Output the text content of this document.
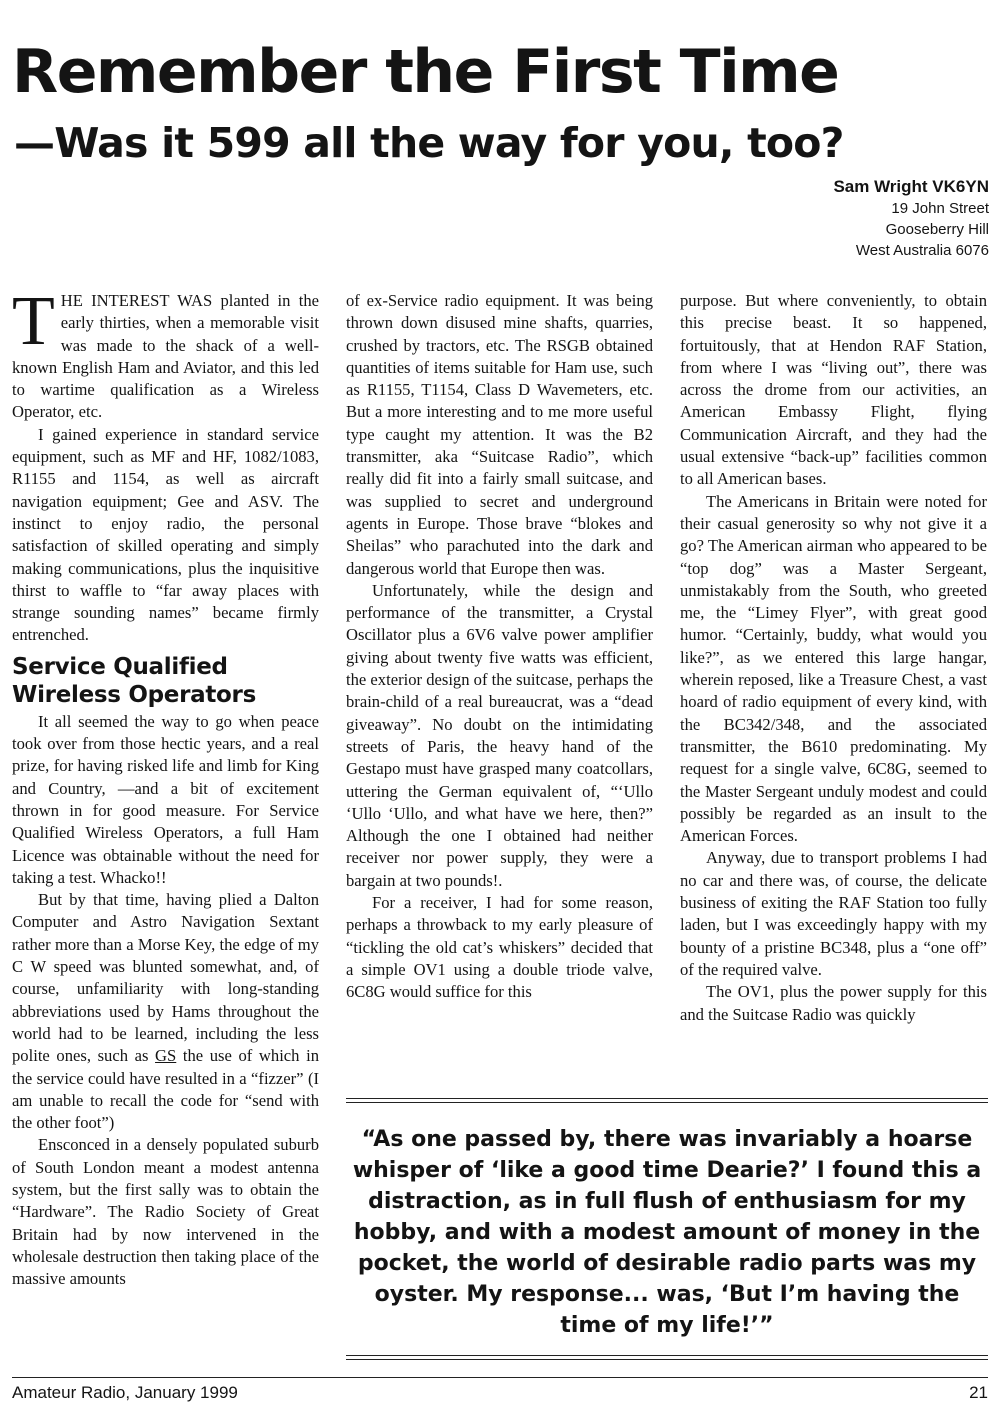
Remember the First Time
—Was it 599 all the way for you, too?
Sam Wright VK6YN
19 John Street
Gooseberry Hill
West Australia 6076

THE INTEREST WAS planted in the early thirties, when a memorable visit was made to the shack of a well-known English Ham and Aviator, and this led to wartime qualification as a Wireless Operator, etc.

I gained experience in standard service equipment, such as MF and HF, 1082/1083, R1155 and 1154, as well as aircraft navigation equipment; Gee and ASV. The instinct to enjoy radio, the personal satisfaction of skilled operating and simply making communications, plus the inquisitive thirst to waffle to “far away places with strange sounding names” became firmly entrenched.

Service Qualified Wireless Operators

It all seemed the way to go when peace took over from those hectic years, and a real prize, for having risked life and limb for King and Country, —and a bit of excitement thrown in for good measure. For Service Qualified Wireless Operators, a full Ham Licence was obtainable without the need for taking a test. Whacko!!

But by that time, having plied a Dalton Computer and Astro Navigation Sextant rather more than a Morse Key, the edge of my C W speed was blunted somewhat, and, of course, unfamiliarity with long-standing abbreviations used by Hams throughout the world had to be learned, including the less polite ones, such as GS the use of which in the service could have resulted in a “fizzer” (I am unable to recall the code for “send with the other foot”)

Ensconced in a densely populated suburb of South London meant a modest antenna system, but the first sally was to obtain the “Hardware”. The Radio Society of Great Britain had by now intervened in the wholesale destruction then taking place of the massive amounts

of ex-Service radio equipment. It was being thrown down disused mine shafts, quarries, crushed by tractors, etc. The RSGB obtained quantities of items suitable for Ham use, such as R1155, T1154, Class D Wavemeters, etc. But a more interesting and to me more useful type caught my attention. It was the B2 transmitter, aka “Suitcase Radio”, which really did fit into a fairly small suitcase, and was supplied to secret and underground agents in Europe. Those brave “blokes and Sheilas” who parachuted into the dark and dangerous world that Europe then was.

Unfortunately, while the design and performance of the transmitter, a Crystal Oscillator plus a 6V6 valve power amplifier giving about twenty five watts was efficient, the exterior design of the suitcase, perhaps the brain-child of a real bureaucrat, was a “dead giveaway”. No doubt on the intimidating streets of Paris, the heavy hand of the Gestapo must have grasped many coatcollars, uttering the German equivalent of, “‘Ullo ‘Ullo ‘Ullo, and what have we here, then?” Although the one I obtained had neither receiver nor power supply, they were a bargain at two pounds!.

For a receiver, I had for some reason, perhaps a throwback to my early pleasure of “tickling the old cat’s whiskers” decided that a simple OV1 using a double triode valve, 6C8G would suffice for this

purpose. But where conveniently, to obtain this precise beast. It so happened, fortuitously, that at Hendon RAF Station, from where I was “living out”, there was across the drome from our activities, an American Embassy Flight, flying Communication Aircraft, and they had the usual extensive “back-up” facilities common to all American bases.

The Americans in Britain were noted for their casual generosity so why not give it a go? The American airman who appeared to be “top dog” was a Master Sergeant, unmistakably from the South, who greeted me, the “Limey Flyer”, with great good humor. “Certainly, buddy, what would you like?”, as we entered this large hangar, wherein reposed, like a Treasure Chest, a vast hoard of radio equipment of every kind, with the BC342/348, and the associated transmitter, the B610 predominating. My request for a single valve, 6C8G, seemed to the Master Sergeant unduly modest and could possibly be regarded as an insult to the American Forces.

Anyway, due to transport problems I had no car and there was, of course, the delicate business of exiting the RAF Station too fully laden, but I was exceedingly happy with my bounty of a pristine BC348, plus a “one off” of the required valve.

The OV1, plus the power supply for this and the Suitcase Radio was quickly

“As one passed by, there was invariably a hoarse whisper of ‘like a good time Dearie?’ I found this a distraction, as in full flush of enthusiasm for my hobby, and with a modest amount of money in the pocket, the world of desirable radio parts was my oyster. My response... was, ‘But I’m having the time of my life!’”

Amateur Radio, January 1999	21
